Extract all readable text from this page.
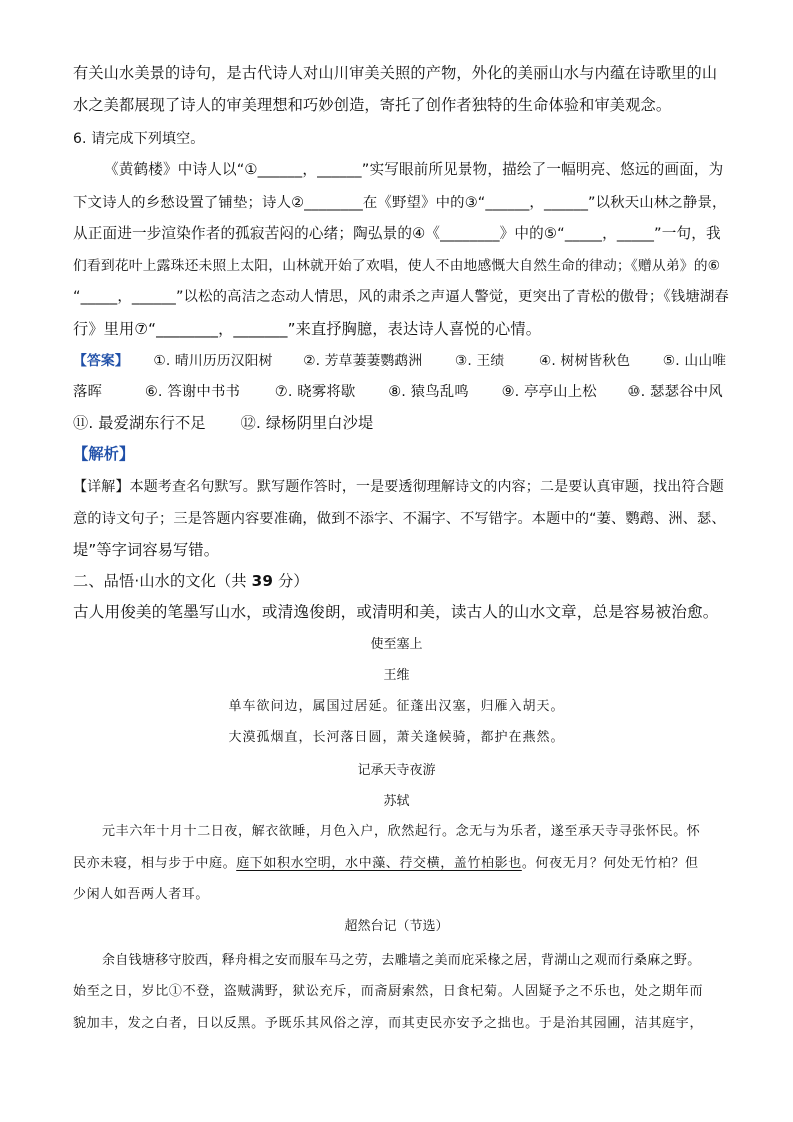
有关山水美景的诗句，是古代诗人对山川审美关照的产物，外化的美丽山水与内蕴在诗歌里的山
水之美都展现了诗人的审美理想和巧妙创造，寄托了创作者独特的生命体验和审美观念。
6. 请完成下列填空。
《黄鹤楼》中诗人以“①______，______”实写眼前所见景物，描绘了一幅明亮、悠远的画面，为
下文诗人的乡愁设置了铺垫；诗人②________在《野望》中的③“______，______”以秋天山林之静景，
从正面进一步渲染作者的孤寂苦闷的心绪；陶弘景的④《________》中的⑤“_____，_____”一句，我
们看到花叶上露珠还未照上太阳，山林就开始了欢唱，使人不由地感慨大自然生命的律动；《赠从弟》的⑥
“_____，______”以松的高洁之态动人情思，风的肃杀之声逼人警觉，更突出了青松的傲骨；《钱塘湖春
行》里用⑦“________，_______”来直抒胸臆，表达诗人喜悦的心情。
【答案】 ①. 晴川历历汉阳树 ②. 芳草萋萋鹦鹉洲 ③. 王绩	④. 树树皆秋色 ⑤. 山山唯
落晖	⑥. 答谢中书书 ⑦. 晓雾将歇 ⑧. 猿鸟乱鸣 ⑨. 亭亭山上松 ⑩. 瑟瑟谷中风
⑪. 最爱湖东行不足 ⑫. 绿杨阴里白沙堤
【解析】
【详解】本题考查名句默写。默写题作答时，一是要透彻理解诗文的内容；二是要认真审题，找出符合题
意的诗文句子；三是答题内容要准确，做到不添字、不漏字、不写错字。本题中的“萋、鹦鹉、洲、瑟、
堤”等字词容易写错。
二、品悟·山水的文化（共 39 分）
古人用俊美的笔墨写山水，或清逸俊朗，或清明和美，读古人的山水文章，总是容易被治愈。
使至塞上
王维
单车欲问边，属国过居延。征蓬出汉塞，归雁入胡天。
大漠孤烟直，长河落日圆，萧关逢候骑，都护在燕然。
记承天寺夜游
苏轼
元丰六年十月十二日夜，解衣欲睡，月色入户，欣然起行。念无与为乐者，遂至承天寺寻张怀民。怀
民亦未寝，相与步于中庭。庭下如积水空明，水中藻、荇交横，盖竹柏影也。何夜无月？何处无竹柏？但
少闲人如吾两人者耳。
超然台记（节选）
余自钱塘移守胶西，释舟楫之安而服车马之劳，去雕墙之美而庇采椽之居，背湖山之观而行桑麻之野。
始至之日，岁比①不登，盗贼满野，狱讼充斥，而斋厨索然，日食杞菊。人固疑予之不乐也，处之期年而
貌加丰，发之白者，日以反黑。予既乐其风俗之淳，而其吏民亦安予之拙也。于是治其园圃，洁其庭宇，
